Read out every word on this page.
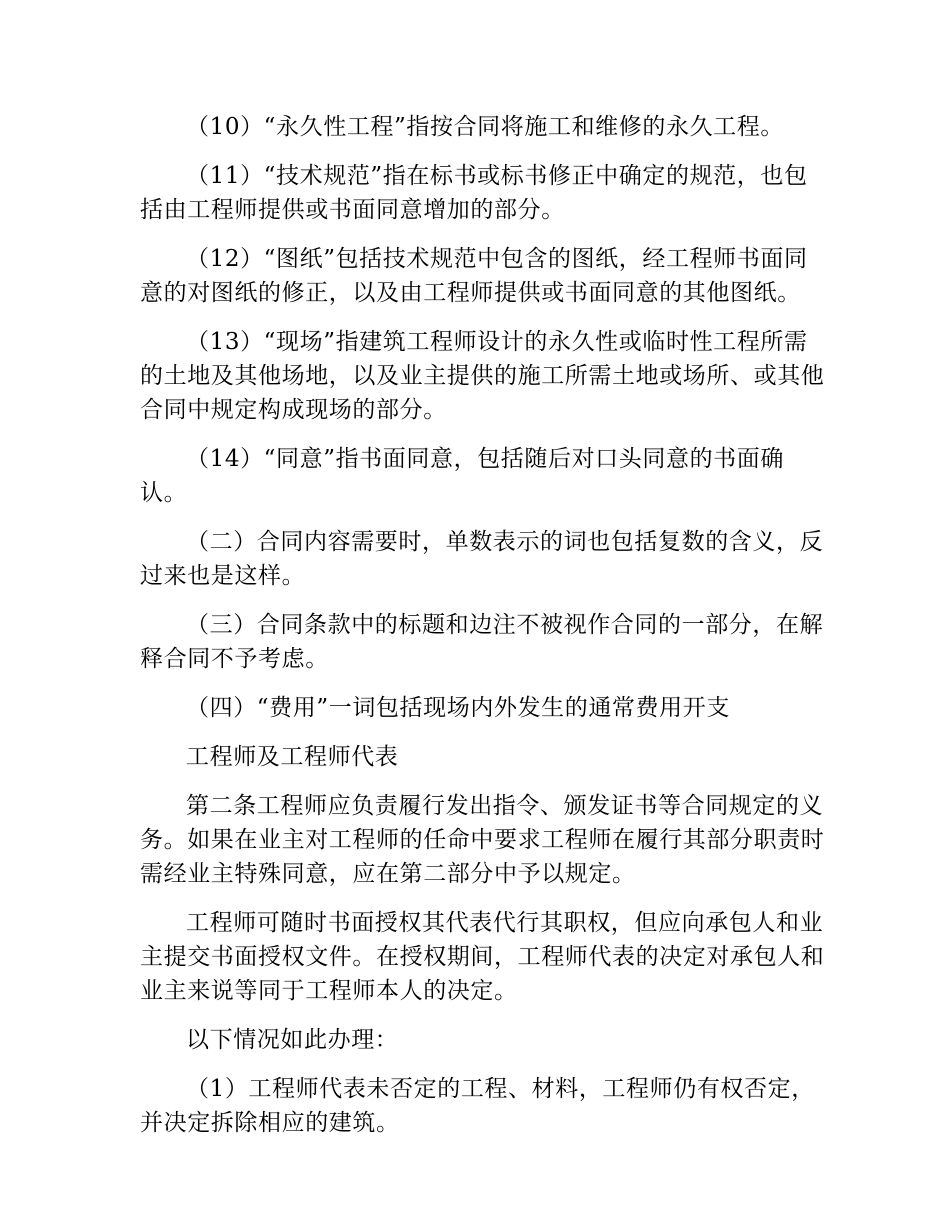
（10）“永久性工程”指按合同将施工和维修的永久工程。

（11）“技术规范”指在标书或标书修正中确定的规范，也包括由工程师提供或书面同意增加的部分。

（12）“图纸”包括技术规范中包含的图纸，经工程师书面同意的对图纸的修正，以及由工程师提供或书面同意的其他图纸。

（13）“现场”指建筑工程师设计的永久性或临时性工程所需的土地及其他场地，以及业主提供的施工所需土地或场所、或其他合同中规定构成现场的部分。

（14）“同意”指书面同意，包括随后对口头同意的书面确认。

（二）合同内容需要时，单数表示的词也包括复数的含义，反过来也是这样。

（三）合同条款中的标题和边注不被视作合同的一部分，在解释合同不予考虑。

（四）“费用”一词包括现场内外发生的通常费用开支

工程师及工程师代表

第二条工程师应负责履行发出指令、颁发证书等合同规定的义务。如果在业主对工程师的任命中要求工程师在履行其部分职责时需经业主特殊同意，应在第二部分中予以规定。

工程师可随时书面授权其代表代行其职权，但应向承包人和业主提交书面授权文件。在授权期间，工程师代表的决定对承包人和业主来说等同于工程师本人的决定。

以下情况如此办理：

（1）工程师代表未否定的工程、材料，工程师仍有权否定，并决定拆除相应的建筑。
